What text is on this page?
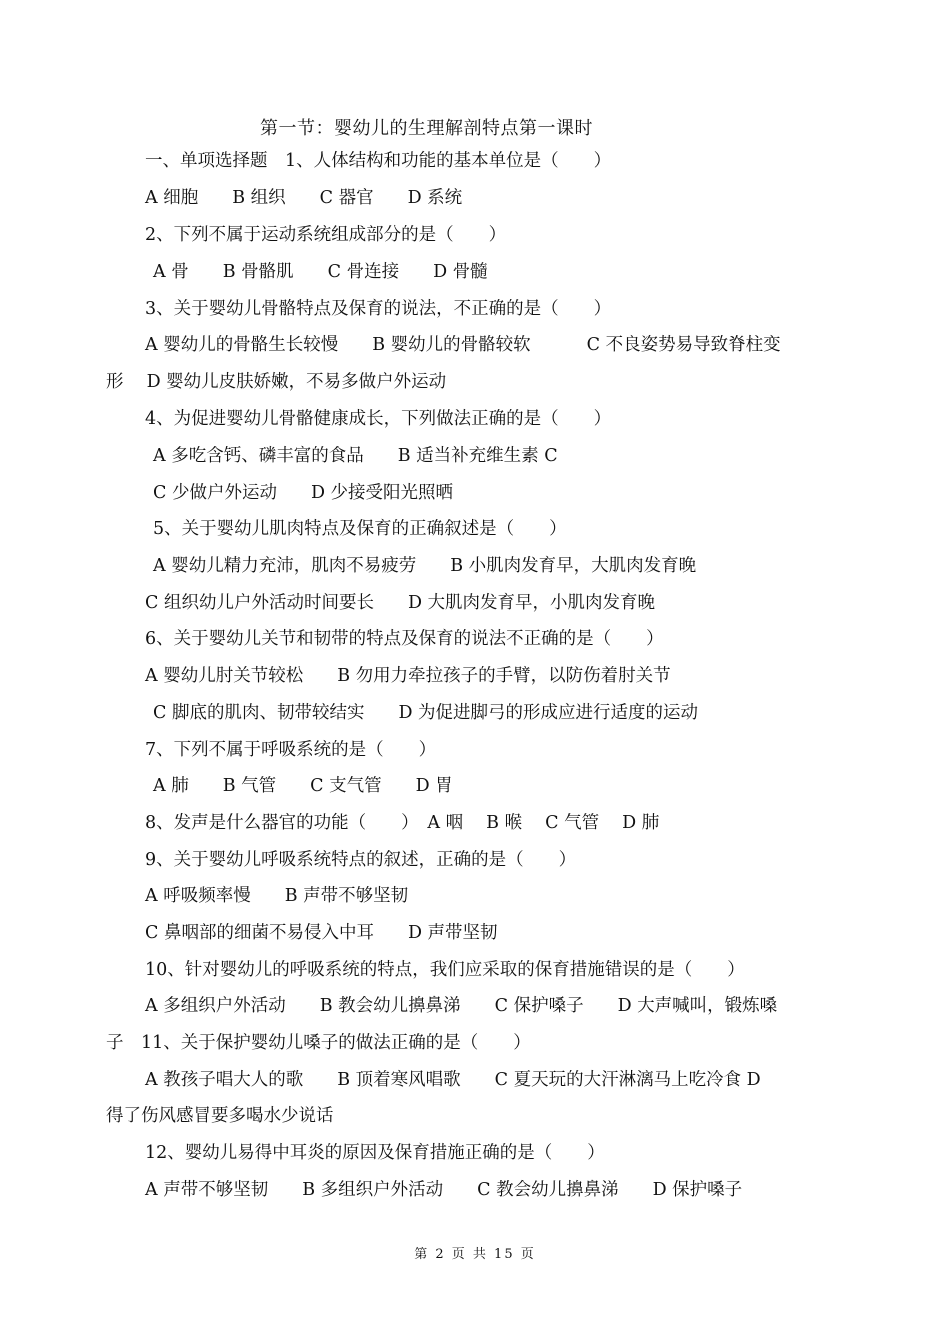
第一节：婴幼儿的生理解剖特点第一课时
一、单项选择题　1、人体结构和功能的基本单位是（　　）
A 细胞 B 组织 C 器官 D 系统
2、下列不属于运动系统组成部分的是（　　）
A 骨 B 骨骼肌 C 骨连接 D 骨髓
3、关于婴幼儿骨骼特点及保育的说法，不正确的是（　　）
A 婴幼儿的骨骼生长较慢 B 婴幼儿的骨骼较软	C 不良姿势易导致脊柱变
形　 D 婴幼儿皮肤娇嫩，不易多做户外运动
4、为促进婴幼儿骨骼健康成长，下列做法正确的是（　　）
A 多吃含钙、磷丰富的食品 B 适当补充维生素 C
C 少做户外运动 D 少接受阳光照晒
5、关于婴幼儿肌肉特点及保育的正确叙述是（　　）
A 婴幼儿精力充沛，肌肉不易疲劳 B 小肌肉发育早，大肌肉发育晚
C 组织幼儿户外活动时间要长 D 大肌肉发育早，小肌肉发育晚
6、关于婴幼儿关节和韧带的特点及保育的说法不正确的是（　　）
A 婴幼儿肘关节较松 B 勿用力牵拉孩子的手臂，以防伤着肘关节
C 脚底的肌肉、韧带较结实 D 为促进脚弓的形成应进行适度的运动
7、下列不属于呼吸系统的是（　　）
A 肺 B 气管 C 支气管 D 胃
8、发声是什么器官的功能（　　）　A 咽　 B 喉　 C 气管　 D 肺
9、关于婴幼儿呼吸系统特点的叙述，正确的是（　　）
A 呼吸频率慢 B 声带不够坚韧
C 鼻咽部的细菌不易侵入中耳 D 声带坚韧
10、针对婴幼儿的呼吸系统的特点，我们应采取的保育措施错误的是（　　）
A 多组织户外活动 B 教会幼儿擤鼻涕 C 保护嗓子 D 大声喊叫，锻炼嗓
子　11、关于保护婴幼儿嗓子的做法正确的是（　　）
A 教孩子唱大人的歌 B 顶着寒风唱歌 C 夏天玩的大汗淋漓马上吃冷食 D
得了伤风感冒要多喝水少说话
12、婴幼儿易得中耳炎的原因及保育措施正确的是（　　）
A 声带不够坚韧 B 多组织户外活动 C 教会幼儿擤鼻涕 D 保护嗓子
第 2 页 共 15 页
